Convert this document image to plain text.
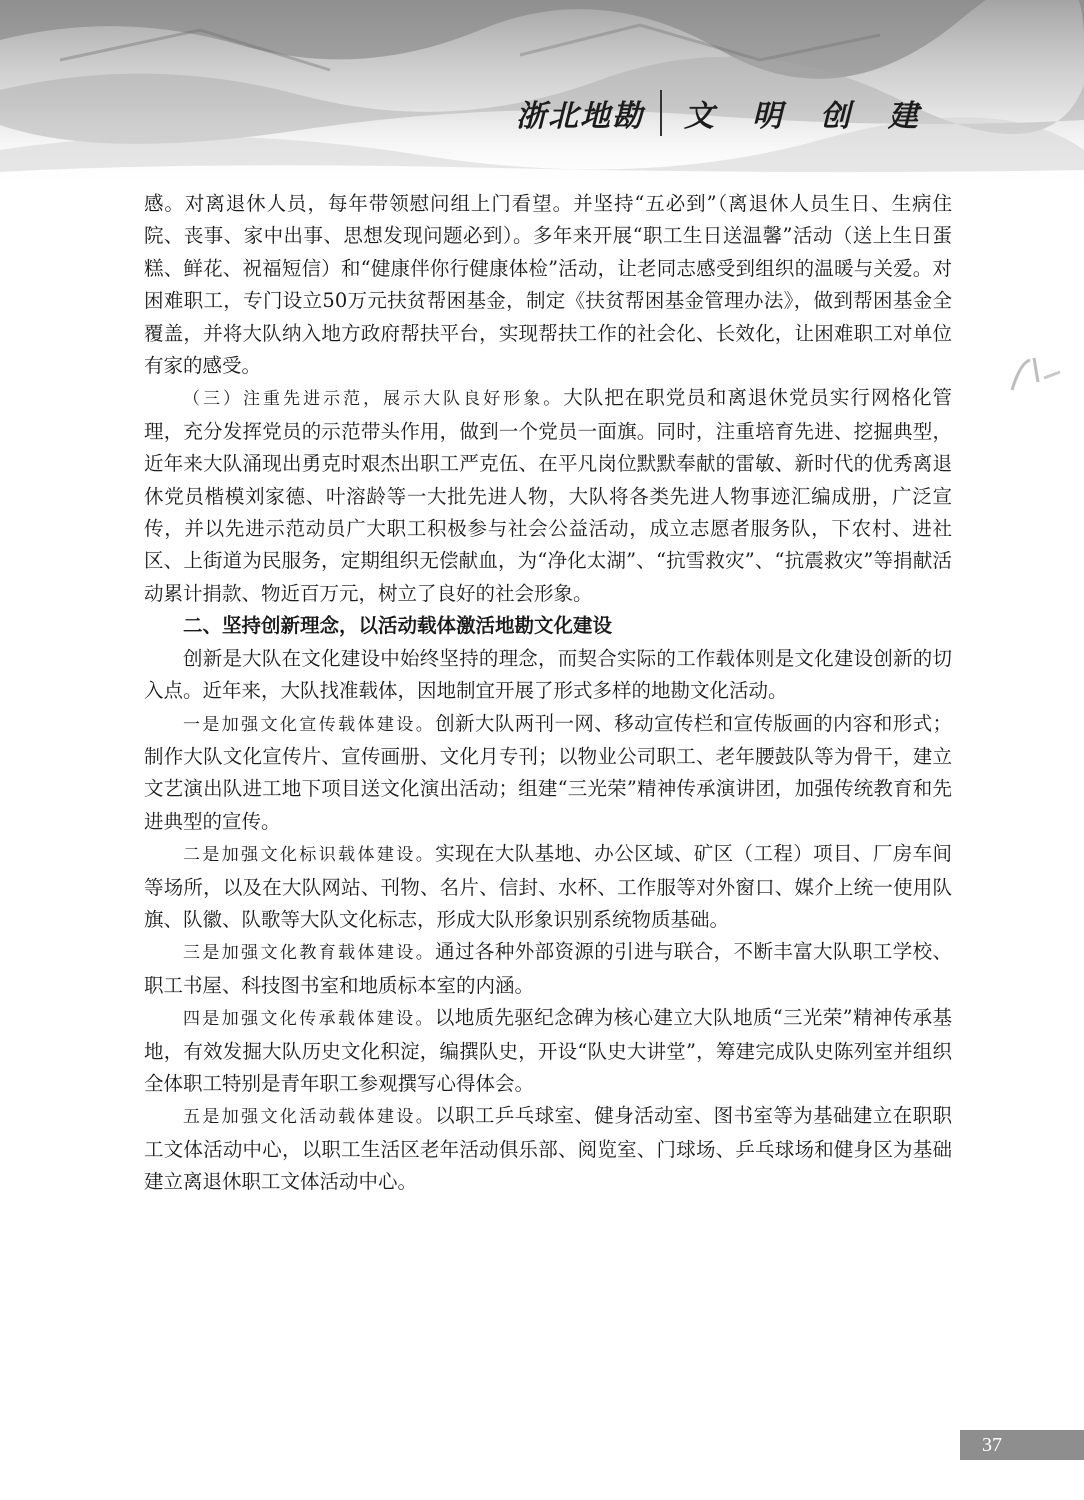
浙北地勘 文明创建

感。对离退休人员，每年带领慰问组上门看望。并坚持“五必到”（离退休人员生日、生病住院、丧事、家中出事、思想发现问题必到）。多年来开展“职工生日送温馨”活动（送上生日蛋糕、鲜花、祝福短信）和“健康伴你行健康体检”活动，让老同志感受到组织的温暖与关爱。对困难职工，专门设立50万元扶贫帮困基金，制定《扶贫帮困基金管理办法》，做到帮困基金全覆盖，并将大队纳入地方政府帮扶平台，实现帮扶工作的社会化、长效化，让困难职工对单位有家的感受。

（三）注重先进示范，展示大队良好形象。大队把在职党员和离退休党员实行网格化管理，充分发挥党员的示范带头作用，做到一个党员一面旗。同时，注重培育先进、挖掘典型，近年来大队涌现出勇克时艰杰出职工严克伍、在平凡岗位默默奉献的雷敏、新时代的优秀离退休党员楷模刘家德、叶溶龄等一大批先进人物，大队将各类先进人物事迹汇编成册，广泛宣传，并以先进示范动员广大职工积极参与社会公益活动，成立志愿者服务队，下农村、进社区、上街道为民服务，定期组织无偿献血，为“净化太湖”、“抗雪救灾”、“抗震救灾”等捐献活动累计捐款、物近百万元，树立了良好的社会形象。

二、坚持创新理念，以活动载体激活地勘文化建设

创新是大队在文化建设中始终坚持的理念，而契合实际的工作载体则是文化建设创新的切入点。近年来，大队找准载体，因地制宜开展了形式多样的地勘文化活动。

一是加强文化宣传载体建设。创新大队两刊一网、移动宣传栏和宣传版画的内容和形式；制作大队文化宣传片、宣传画册、文化月专刊；以物业公司职工、老年腰鼓队等为骨干，建立文艺演出队进工地下项目送文化演出活动；组建“三光荣”精神传承演讲团，加强传统教育和先进典型的宣传。

二是加强文化标识载体建设。实现在大队基地、办公区域、矿区（工程）项目、厂房车间等场所，以及在大队网站、刊物、名片、信封、水杯、工作服等对外窗口、媒介上统一使用队旗、队徽、队歌等大队文化标志，形成大队形象识别系统物质基础。

三是加强文化教育载体建设。通过各种外部资源的引进与联合，不断丰富大队职工学校、职工书屋、科技图书室和地质标本室的内涵。

四是加强文化传承载体建设。以地质先驱纪念碑为核心建立大队地质“三光荣”精神传承基地，有效发掘大队历史文化积淀，编撰队史，开设“队史大讲堂”，筹建完成队史陈列室并组织全体职工特别是青年职工参观撰写心得体会。

五是加强文化活动载体建设。以职工乒乓球室、健身活动室、图书室等为基础建立在职职工文体活动中心，以职工生活区老年活动俱乐部、阅览室、门球场、乒乓球场和健身区为基础建立离退休职工文体活动中心。

37
